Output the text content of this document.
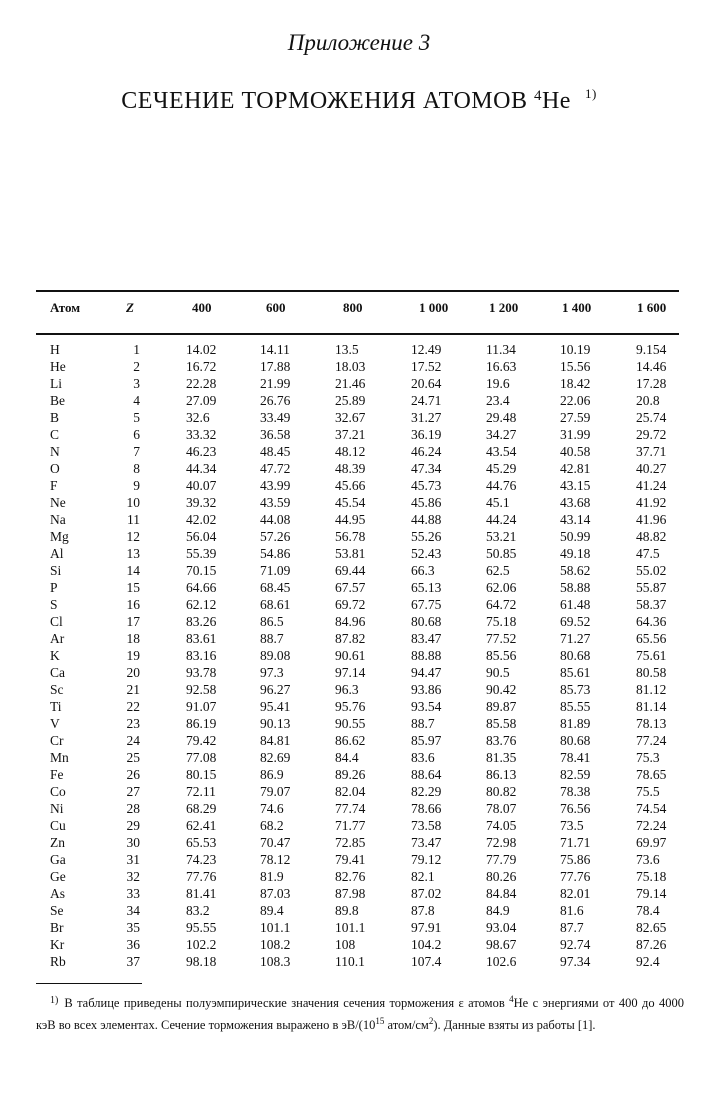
Приложение 3
СЕЧЕНИЕ ТОРМОЖЕНИЯ АТОМОВ $^4$He $^{1)}$
Атом	Z	400	600	800	1 000	1 200	1 400	1 600
H	1	14.02	14.11	13.5	12.49	11.34	10.19	9.154
He	2	16.72	17.88	18.03	17.52	16.63	15.56	14.46
Li	3	22.28	21.99	21.46	20.64	19.6	18.42	17.28
Be	4	27.09	26.76	25.89	24.71	23.4	22.06	20.8
B	5	32.6	33.49	32.67	31.27	29.48	27.59	25.74
C	6	33.32	36.58	37.21	36.19	34.27	31.99	29.72
N	7	46.23	48.45	48.12	46.24	43.54	40.58	37.71
O	8	44.34	47.72	48.39	47.34	45.29	42.81	40.27
F	9	40.07	43.99	45.66	45.73	44.76	43.15	41.24
Ne	10	39.32	43.59	45.54	45.86	45.1	43.68	41.92
Na	11	42.02	44.08	44.95	44.88	44.24	43.14	41.96
Mg	12	56.04	57.26	56.78	55.26	53.21	50.99	48.82
Al	13	55.39	54.86	53.81	52.43	50.85	49.18	47.5
Si	14	70.15	71.09	69.44	66.3	62.5	58.62	55.02
P	15	64.66	68.45	67.57	65.13	62.06	58.88	55.87
S	16	62.12	68.61	69.72	67.75	64.72	61.48	58.37
Cl	17	83.26	86.5	84.96	80.68	75.18	69.52	64.36
Ar	18	83.61	88.7	87.82	83.47	77.52	71.27	65.56
K	19	83.16	89.08	90.61	88.88	85.56	80.68	75.61
Ca	20	93.78	97.3	97.14	94.47	90.5	85.61	80.58
Sc	21	92.58	96.27	96.3	93.86	90.42	85.73	81.12
Ti	22	91.07	95.41	95.76	93.54	89.87	85.55	81.14
V	23	86.19	90.13	90.55	88.7	85.58	81.89	78.13
Cr	24	79.42	84.81	86.62	85.97	83.76	80.68	77.24
Mn	25	77.08	82.69	84.4	83.6	81.35	78.41	75.3
Fe	26	80.15	86.9	89.26	88.64	86.13	82.59	78.65
Co	27	72.11	79.07	82.04	82.29	80.82	78.38	75.5
Ni	28	68.29	74.6	77.74	78.66	78.07	76.56	74.54
Cu	29	62.41	68.2	71.77	73.58	74.05	73.5	72.24
Zn	30	65.53	70.47	72.85	73.47	72.98	71.71	69.97
Ga	31	74.23	78.12	79.41	79.12	77.79	75.86	73.6
Ge	32	77.76	81.9	82.76	82.1	80.26	77.76	75.18
As	33	81.41	87.03	87.98	87.02	84.84	82.01	79.14
Se	34	83.2	89.4	89.8	87.8	84.9	81.6	78.4
Br	35	95.55	101.1	101.1	97.91	93.04	87.7	82.65
Kr	36	102.2	108.2	108	104.2	98.67	92.74	87.26
Rb	37	98.18	108.3	110.1	107.4	102.6	97.34	92.4
$^{1)}$ В таблице приведены полуэмпирические значения сечения торможения ε атомов $^4$He с энергиями от 400 до 4000 кэВ во всех элементах. Сечение торможения выражено в $эВ/(10^{15}$ атом/$см^2$). Данные взяты из работы [1].
